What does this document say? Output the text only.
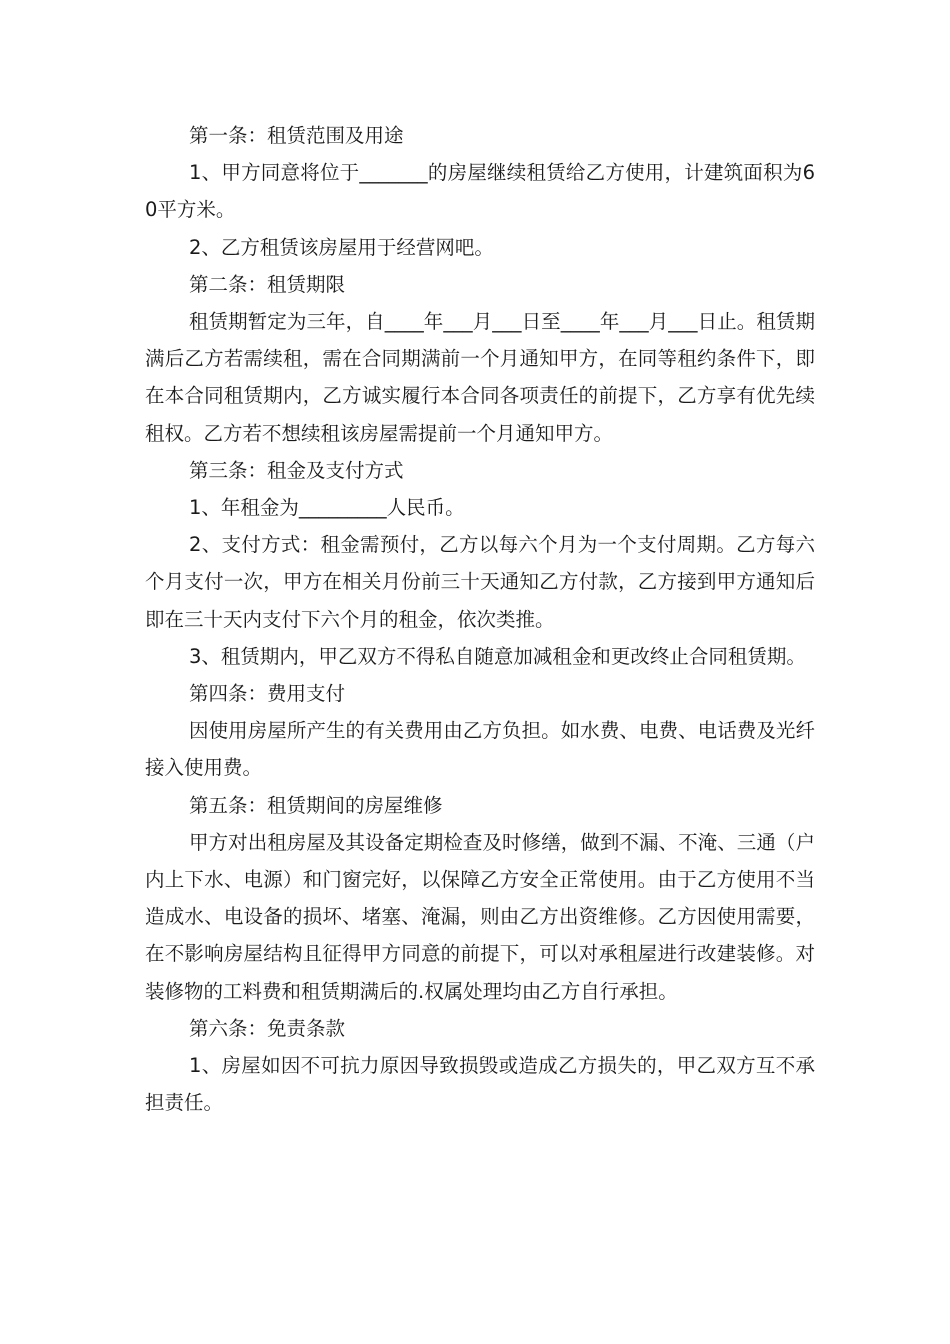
第一条：租赁范围及用途

1、甲方同意将位于_______的房屋继续租赁给乙方使用，计建筑面积为60平方米。

2、乙方租赁该房屋用于经营网吧。

第二条：租赁期限

租赁期暂定为三年，自____年___月___日至____年___月___日止。租赁期满后乙方若需续租，需在合同期满前一个月通知甲方，在同等租约条件下，即在本合同租赁期内，乙方诚实履行本合同各项责任的前提下，乙方享有优先续租权。乙方若不想续租该房屋需提前一个月通知甲方。

第三条：租金及支付方式

1、年租金为_________人民币。

2、支付方式：租金需预付，乙方以每六个月为一个支付周期。乙方每六个月支付一次，甲方在相关月份前三十天通知乙方付款，乙方接到甲方通知后即在三十天内支付下六个月的租金，依次类推。

3、租赁期内，甲乙双方不得私自随意加减租金和更改终止合同租赁期。

第四条：费用支付

因使用房屋所产生的有关费用由乙方负担。如水费、电费、电话费及光纤接入使用费。

第五条：租赁期间的房屋维修

甲方对出租房屋及其设备定期检查及时修缮，做到不漏、不淹、三通（户内上下水、电源）和门窗完好，以保障乙方安全正常使用。由于乙方使用不当造成水、电设备的损坏、堵塞、淹漏，则由乙方出资维修。乙方因使用需要，在不影响房屋结构且征得甲方同意的前提下，可以对承租屋进行改建装修。对装修物的工料费和租赁期满后的.权属处理均由乙方自行承担。

第六条：免责条款

1、房屋如因不可抗力原因导致损毁或造成乙方损失的，甲乙双方互不承担责任。
